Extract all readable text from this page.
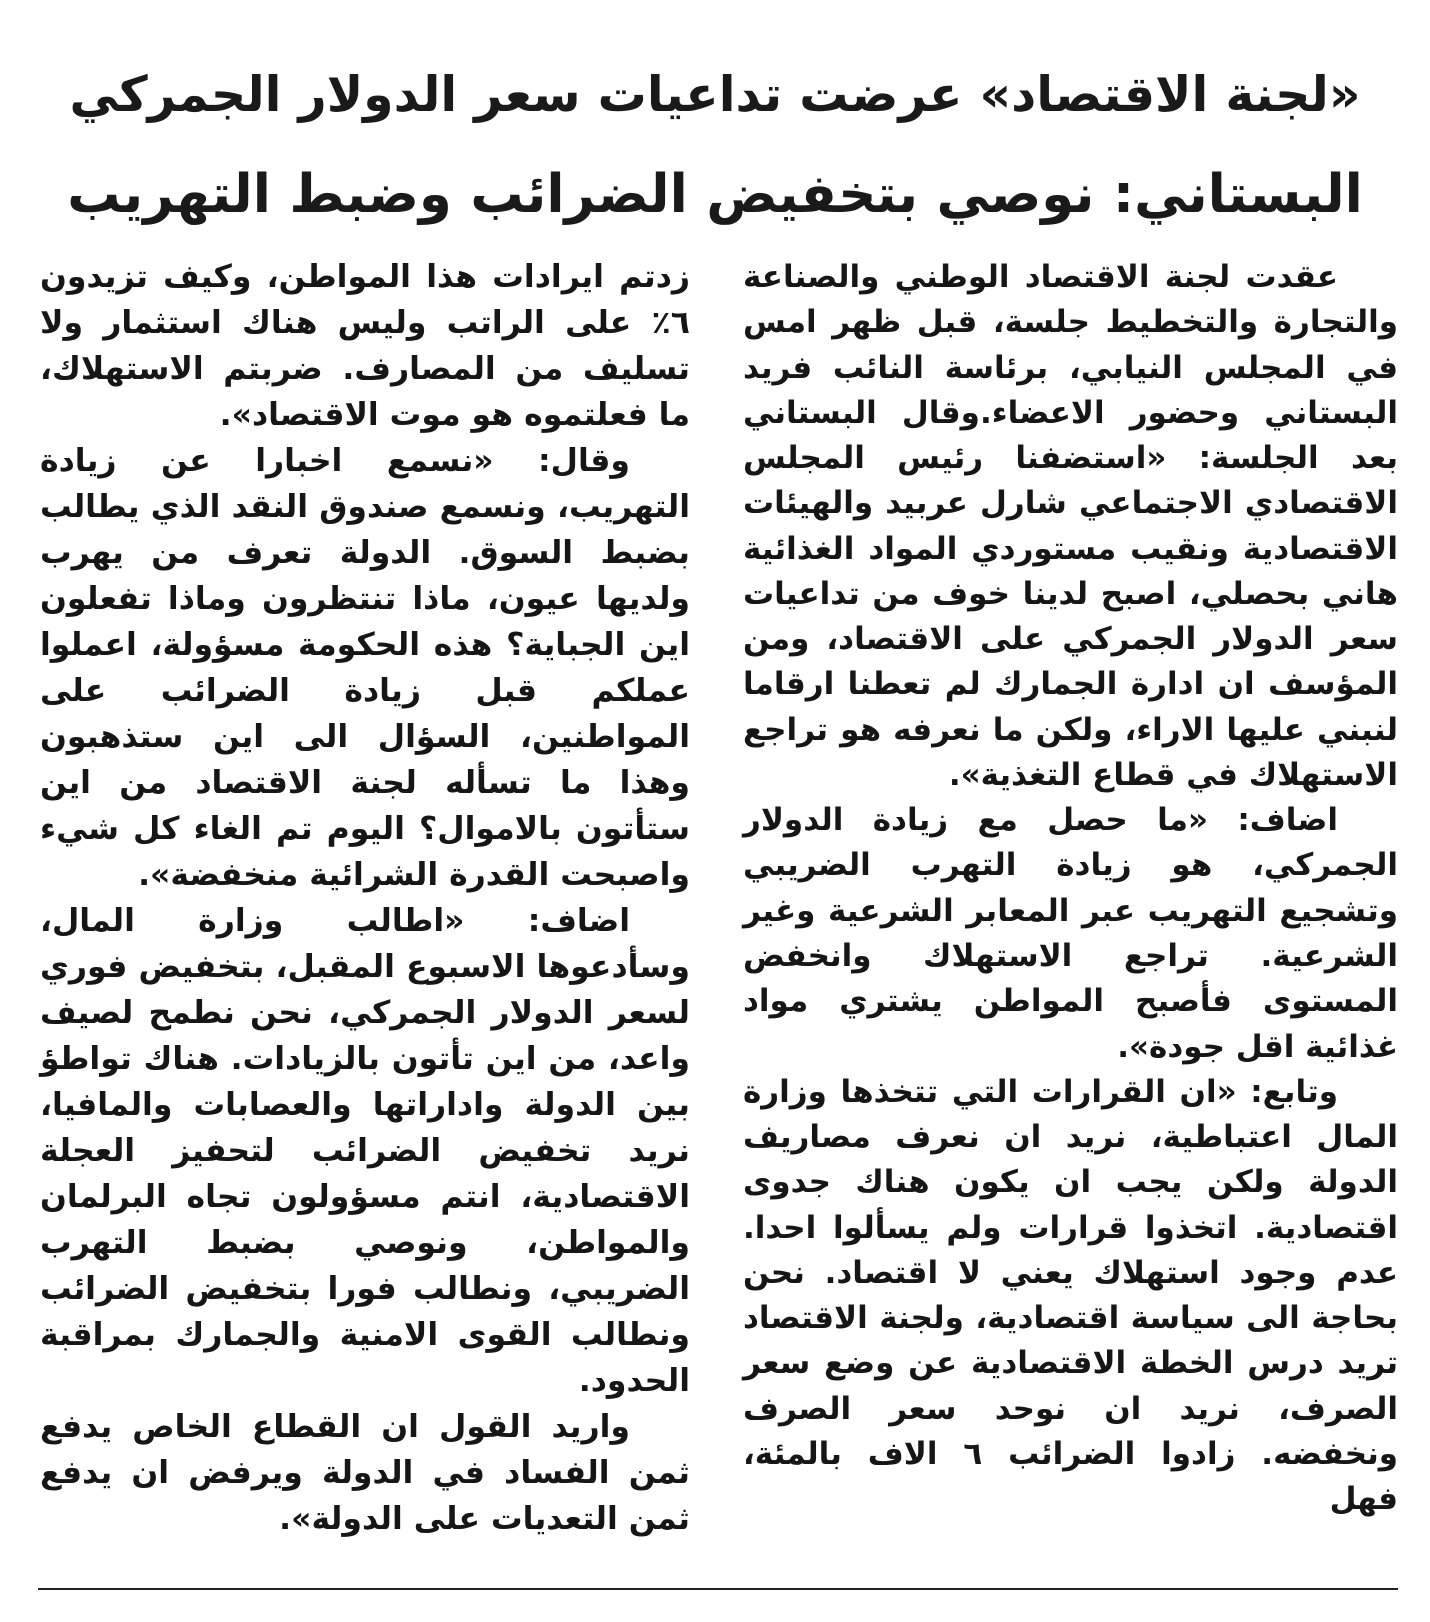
«لجنة الاقتصاد» عرضت تداعيات سعر الدولار الجمركي
البستاني: نوصي بتخفيض الضرائب وضبط التهريب

عقدت لجنة الاقتصاد الوطني والصناعة والتجارة والتخطيط جلسة، قبل ظهر امس في المجلس النيابي، برئاسة النائب فريد البستاني وحضور الاعضاء.وقال البستاني بعد الجلسة: «استضفنا رئيس المجلس الاقتصادي الاجتماعي شارل عربيد والهيئات الاقتصادية ونقيب مستوردي المواد الغذائية هاني بحصلي، اصبح لدينا خوف من تداعيات سعر الدولار الجمركي على الاقتصاد، ومن المؤسف ان ادارة الجمارك لم تعطنا ارقاما لنبني عليها الاراء، ولكن ما نعرفه هو تراجع الاستهلاك في قطاع التغذية».

اضاف: «ما حصل مع زيادة الدولار الجمركي، هو زيادة التهرب الضريبي وتشجيع التهريب عبر المعابر الشرعية وغير الشرعية. تراجع الاستهلاك وانخفض المستوى فأصبح المواطن يشتري مواد غذائية اقل جودة».

وتابع: «ان القرارات التي تتخذها وزارة المال اعتباطية، نريد ان نعرف مصاريف الدولة ولكن يجب ان يكون هناك جدوى اقتصادية. اتخذوا قرارات ولم يسألوا احدا. عدم وجود استهلاك يعني لا اقتصاد. نحن بحاجة الى سياسة اقتصادية، ولجنة الاقتصاد تريد درس الخطة الاقتصادية عن وضع سعر الصرف، نريد ان نوحد سعر الصرف ونخفضه. زادوا الضرائب ٦ الاف بالمئة، فهل

زدتم ايرادات هذا المواطن، وكيف تزيدون ٦٪ على الراتب وليس هناك استثمار ولا تسليف من المصارف. ضربتم الاستهلاك، ما فعلتموه هو موت الاقتصاد».

وقال: «نسمع اخبارا عن زيادة التهريب، ونسمع صندوق النقد الذي يطالب بضبط السوق. الدولة تعرف من يهرب ولديها عيون، ماذا تنتظرون وماذا تفعلون اين الجباية؟ هذه الحكومة مسؤولة، اعملوا عملكم قبل زيادة الضرائب على المواطنين، السؤال الى اين ستذهبون وهذا ما تسأله لجنة الاقتصاد من اين ستأتون بالاموال؟ اليوم تم الغاء كل شيء واصبحت القدرة الشرائية منخفضة».

اضاف: «اطالب وزارة المال، وسأدعوها الاسبوع المقبل، بتخفيض فوري لسعر الدولار الجمركي، نحن نطمح لصيف واعد، من اين تأتون بالزيادات. هناك تواطؤ بين الدولة واداراتها والعصابات والمافيا، نريد تخفيض الضرائب لتحفيز العجلة الاقتصادية، انتم مسؤولون تجاه البرلمان والمواطن، ونوصي بضبط التهرب الضريبي، ونطالب فورا بتخفيض الضرائب ونطالب القوى الامنية والجمارك بمراقبة الحدود.

واريد القول ان القطاع الخاص يدفع ثمن الفساد في الدولة ويرفض ان يدفع ثمن التعديات على الدولة».
